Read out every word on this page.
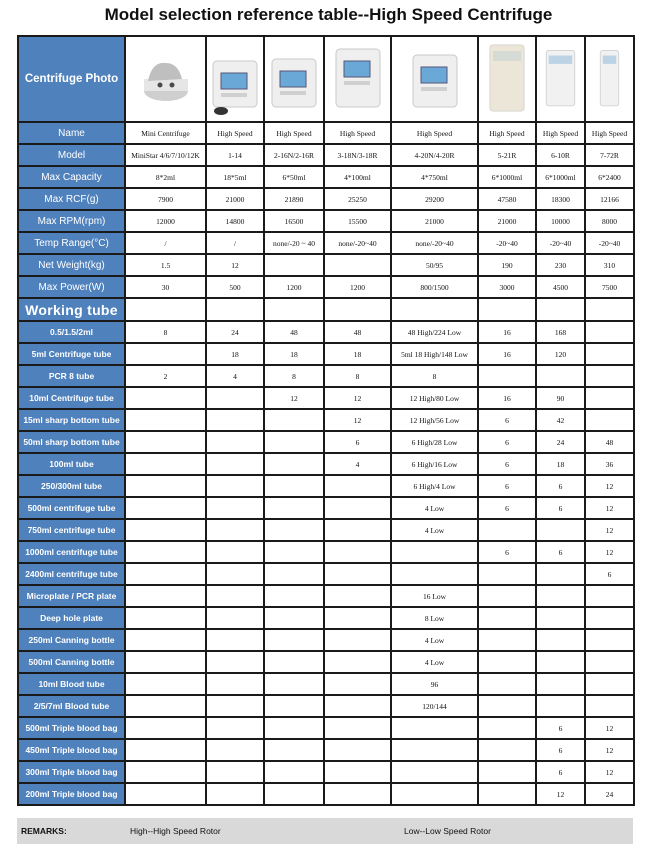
Model selection reference table--High Speed Centrifuge
Centrifuge Photo	

Name	Mini Centrifuge	High Speed	High Speed	High Speed	High Speed	High Speed	High Speed	High Speed
Model	MiniStar 4/6/7/10/12K	1-14	2-16N/2-16R	3-18N/3-18R	4-20N/4-20R	5-21R	6-10R	7-72R
Max Capacity	8*2ml	18*5ml	6*50ml	4*100ml	4*750ml	6*1000ml	6*1000ml	6*2400
Max RCF(g)	7900	21000	21890	25250	29200	47580	18300	12166
Max RPM(rpm)	12000	14800	16500	15500	21000	21000	10000	8000
Temp Range(°C)	/	/	none/-20 ~ 40	none/-20~40	none/-20~40	-20~40	-20~40	-20~40
Net Weight(kg)	1.5	12			50/95	190	230	310
Max Power(W)	30	500	1200	1200	800/1500	3000	4500	7500
Working tube								
0.5/1.5/2ml	8	24	48	48	48 High/224 Low	16	168	
5ml Centrifuge tube		18	18	18	5ml 18 High/148 Low	16	120	
PCR 8 tube	2	4	8	8	8			
10ml Centrifuge tube			12	12	12 High/80 Low	16	90	
15ml sharp bottom tube				12	12 High/56 Low	6	42	
50ml sharp bottom tube				6	6 High/28 Low	6	24	48
100ml tube				4	6 High/16 Low	6	18	36
250/300ml tube					6 High/4 Low	6	6	12
500ml centrifuge tube					4 Low	6	6	12
750ml centrifuge tube					4 Low			12
1000ml centrifuge tube						6	6	12
2400ml centrifuge tube								6
Microplate / PCR plate					16 Low			
Deep hole plate					8 Low			
250ml Canning bottle					4 Low			
500ml Canning bottle					4 Low			
10ml Blood tube					96			
2/5/7ml Blood tube					120/144			
500ml Triple blood bag							6	12
450ml Triple blood bag							6	12
300ml Triple blood bag							6	12
200ml Triple blood bag							12	24
REMARKS:	High--High Speed Rotor	Low--Low Speed Rotor
